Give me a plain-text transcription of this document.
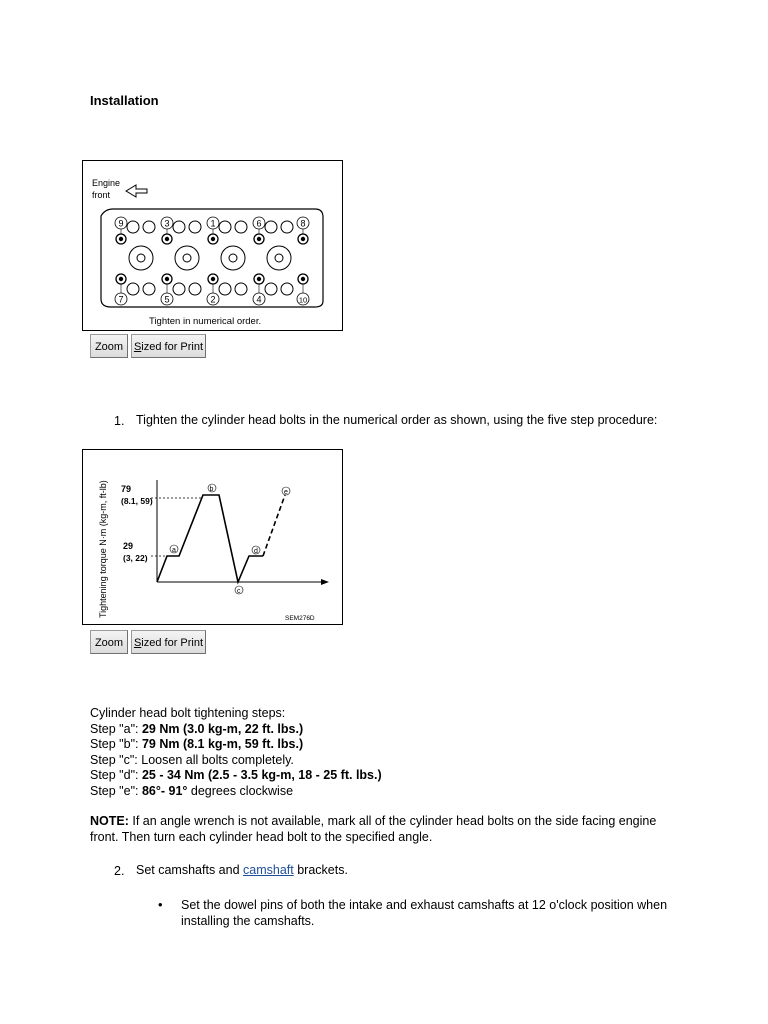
Installation
Engine
front
9
7
3
5
1
2
6
4
8
10
Tighten in numerical order.
Zoom Sized for Print
1. Tighten the cylinder head bolts in the numerical order as shown, using the five step procedure:
Tightening torque N·m (kg-m, ft-lb) 79
(8.1, 59)
29
(3, 22)
a
b
c
d
e
SEM276D
Zoom Sized for Print
Cylinder head bolt tightening steps:
Step "a": 29 Nm (3.0 kg-m, 22 ft. lbs.)
Step "b": 79 Nm (8.1 kg-m, 59 ft. lbs.)
Step "c": Loosen all bolts completely.
Step "d": 25 - 34 Nm (2.5 - 3.5 kg-m, 18 - 25 ft. lbs.)
Step "e": 86°- 91° degrees clockwise
NOTE: If an angle wrench is not available, mark all of the cylinder head bolts on the side facing engine front. Then turn each cylinder head bolt to the specified angle.
2. Set camshafts and camshaft brackets.
• Set the dowel pins of both the intake and exhaust camshafts at 12 o'clock position when installing the camshafts.
